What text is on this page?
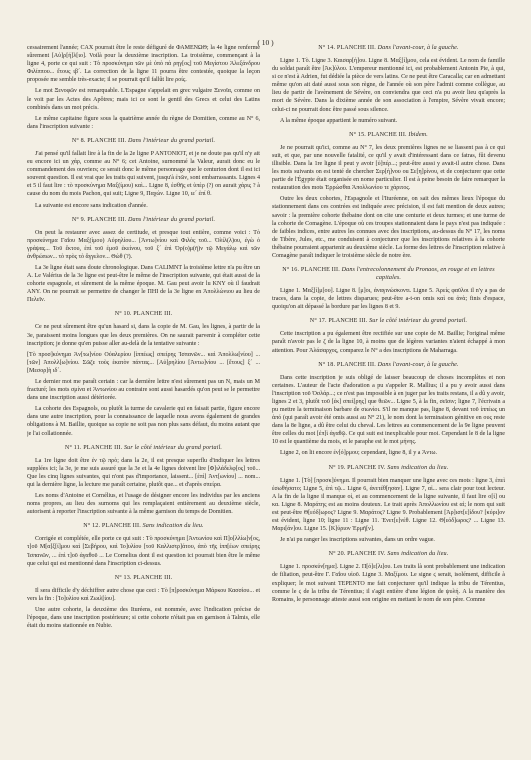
( 10 )

cessairement l'année; CAX pourrait être le reste défiguré de ΦΑΜΕΝΩΘ; la 4e ligne renferme sûrement [Αὐ]ρ[ή]λ[ιο]. Voilà pour la deuxième inscription. La troisième, commençant à la ligne 4, porte ce qui suit : Τὸ προσκύνημα τῶν μὲ ὑπὸ πά ρηγ[ος] τοῦ Μεγίστου Ἀλεξάνδρου Φιλίππου... ἔτους ιβ´. La correction de la ligne 11 pourra être contestée, quoique la leçon proposée me semble très-exacte; il se pourrait qu'il fallût lire ροίς.

Le mot Ξενοφῶν est remarquable. L'Espagne s'appelait en grec vulgaire Ξενοῖα, comme on le voit par les Actes des Apôtres; mais ici ce sont le gentil des Grecs et celui des Latins combinés dans un mot précis.

Le même capitaine figure sous la quatrième année du règne de Domitien, comme au N° 6, dans l'inscription suivante :

N° 8. PLANCHE III. Dans l'intérieur du grand portail.

J'ai pensé qu'il fallait lire à la fin de la 2e ligne P ANTONIOT, et je ne doute pas qu'il n'y ait eu encore ici un χάρ, comme au N° 6; cet Antoine, surnommé la Valeur, aurait donc eu le commandement des ouvriers; ce serait donc le même personnage que le centurion dont il est ici souvent question. Il est vrai que les traits qui suivent, jusqu'à ἐτῶν, sont embarrassants. Lignes 4 et 5 il faut lire : τὸ προσκύνημα Μαξ(ίμου) καὶ... Ligne 8, ἐσθῆς et ὑπὲρ (?) on aurait χάρις ? à cause du nom du mois Pachon, qui suit; Ligne 9, Παχών. Ligne 10, ιε´ ἐπί θ.

La suivante est encore sans indication d'année.

N° 9. PLANCHE III. Dans l'intérieur du grand portail.

On peut la restaurer avec assez de certitude, et presque tout entière, comme voici : Τὸ προσκύνημα Γαΐου Μαξ(ίμου) Αὐρηλίου... [Ἀντω]νίου καὶ Φιλὸς τοῦ... Ὀλίλ(λ)ου, ἐγὼ ὁ γράψας... Τοῦ ἔκτου, ἐπὶ τοῦ ἐμοῦ ἐκείνου, τοῦ ξ´ ἐπὶ Ὀρ(ο)μ(ῆ)ν τῷ Μεγάλῳ καὶ τῶν ἀνθρώπων... τὸ πρὸς τὸ ἄγγελον... Θώθ (?).

La 3e ligne était sans doute chronologique. Dans CALIMNT la troisième lettre n'a pu être un A. Le Valérius de la 3e ligne est peut-être le même de l'inscription suivante, qui était aussi de la cohorte espagnole, et sûrement de la même époque. M. Gau peut avoir lu KNY où il faudrait ANY. On ne pourrait se permettre de changer le ΠΗΙ de la 3e ligne en Ἀπολλώνιου au lieu de Πελεῖν.

N° 10. PLANCHE III.

Ce ne peut sûrement être qu'un hasard si, dans la copie de M. Gau, les lignes, à partir de la 3e, paraissent moins longues que les deux premières. On ne saurait parvenir à compléter cette inscription; je donne qu'en puisse aller au-delà de la tentative suivante :

[Τὸ προσ]κύνημα Ἀν[τω]νίου Οὐαλερίου [ἱππέως] σπείρης Ἱσπανῶν... καὶ Ἀπολλω[νίου] ... [τῶν] Ἀπολλ[ω]νίου. Σῶζε τοὺς ἑκατὸν πάντας... [Αὐ]ρηλίου [Ἀντω]νίου ... [ἔτους] ξ´ ... [Μεσορ]ὴ ιδ´.

Le dernier mot me paraît certain : car la dernière lettre n'est sûrement pas un N, mais un M fracturé; les mots σμίνα et Ἀντωνίου au contraire sont aussi hasardés qu'on peut se le permettre dans une inscription aussi détériorée.

La cohorte des Espagnols, ou plutôt la turme de cavalerie qui en faisait partie, figure encore dans une autre inscription, pour la connaissance de laquelle nous avons également de grandes obligations à M. Baillie, quoique sa copie ne soit pas non plus sans défaut, du moins autant que je l'ai collationnée.

N° 11. PLANCHE III. Sur le côté intérieur du grand portail.

La 1re ligne doit être ἐν τῷ πρὸ; dans la 2e, il est presque superflu d'indiquer les lettres supplées ici; la 3e, je me suis assuré que la 3e et la 4e lignes doivent lire [Φ]ιλάδελφ[ος] τοῦ... Que les cinq lignes suivantes, qui n'ont pas d'importance, laissent... [ἐπὶ] Ἀντ[ωνίου] ... nom... qui la dernière ligne, la lecture me paraît certaine, plutôt que... et d'après σπείρα.

Les noms d'Antoine et Cornélius, et l'usage de désigner encore les individus par les anciens noms propres, au lieu des surnoms qui les remplaçaient entièrement au deuxième siècle, autorisent à reporter l'inscription suivante à la même garnison du temps de Domitien.

N° 12. PLANCHE III. Sans indication du lieu.

Corrigée et complétée, elle porte ce qui suit : Τὸ προσκύνημα [Ἀντωνίου καὶ Π]ο[λλίω]ν[ος, τ]οῦ Μ[α]ξ[ί]μου καὶ [Σεβήρου, καὶ Ἰο]υλίου [τοῦ Καλλιστρ]άτου, ἀπὸ τῆς ἱππ[έων σπείρης Ἱσπανῶν, ... ἐπὶ τ]οῦ ἀγαθοῦ ... Le Cornelius dont il est question ici pourrait bien être le même que celui qui est mentionné dans l'inscription ci-dessus.

N° 13. PLANCHE III.

Il sera difficile d'y déchiffrer autre chose que ceci : Τὸ [π]ροσκύνημα Μάρκου Κασσίου... et vers la fin : [Ἰο]υλίου καὶ Ζωιλ[ίου].

Une autre cohorte, la deuxième des Ituréens, est nommée, avec l'indication précise de l'époque, dans une inscription postérieure; si cette cohorte n'était pas en garnison à Talmis, elle était du moins stationnée en Nubie.

N° 14. PLANCHE III. Dans l'avant-cour, à la gauche.

Ligne 1. Τὸ. Ligne 3. Καισαρ[ή]ου. Ligne 8. Μαξ[ί]μου, cela est évident. Le nom de famille du soldat paraît être [Ἀκ]ύλου. L'empereur mentionné ici, est probablement Antonin Pie, à qui, si ce n'est à Adrien, fut dédiée la pièce de vers latins. Ce ne peut être Caracalla; car en admettant même qu'on ait daté aussi sous son règne, de l'année où son père l'admit comme collègue, au lieu de partir de l'avènement de Sévère, on conviendra que ceci n'a pu avoir lieu qu'après la mort de Sévère. Dans la dixième année de son association à l'empire, Sévère vivait encore; celui-ci ne pourrait donc être passé sous silence.

A la même époque appartient le numéro suivant.

N° 15. PLANCHE III. Ibidem.

Je ne pourrait qu'ici, comme au N° 7, les deux premières lignes ne se liassent pas à ce qui suit, et que, par une nouvelle fatalité, ce qu'il y avait d'intéressant dans ce fatras, fût devenu illisible. Dans la 1re ligne il peut y avoir [ὑ]πέρ...; peut-être aussi y avait-il autre chose. Dans les mots suivants on est tenté de chercher Σερ[ή]νου ou Σε[η]ρίνου, et de conjecturer que cette partie de l'Égypte était organisée en nome particulier. Il est à peine besoin de faire remarquer la restauration des mots Ἐρρώσθαι Ἀπολλωνίου τε χάριτος.

Outre les deux cohortes, l'Espagnole et l'Ituréenne, on sait des mêmes lieux l'époque du stationnement dans ces contrées est indiquée avec précision, il est fait mention de deux autres; savoir : la première cohorte thébaine dont on cite une centurie et deux turmes; et une turme de la cohorte de Comagène. L'époque où ces troupes stationnaient dans le pays n'est pas indiquée : de faibles indices, entre autres les connues avec des inscriptions, au-dessus du N° 17, les noms de Tibère, Jules, etc., me conduisent à conjecturer que les inscriptions relatives à la cohorte thébaine pourraient appartenir au deuxième siècle. La forme des lettres de l'inscription relative à Comagène paraît indiquer le troisième siècle de notre ère.

N° 16. PLANCHE III. Dans l'entrecolonnement du Pronaos, en rouge et en lettres capitales.

Ligne 1. Μαξ[ί]μ[ου]. Ligne 8. [μ]οι, ἀναγινώσκοντι. Ligne 5. Ἀρείς φαῦλοι il n'y a pas de traces, dans la copie, de lettres disparues; peut-être a-t-on omis καὶ ou ἀνὰ; finis d'espace, quoiqu'on ait dépassé la bordure par les lignes 8 et 9.

N° 17. PLANCHE III. Sur le côté intérieur du grand portail.

Cette inscription a pu également être rectifiée sur une copie de M. Baillie; l'original même paraît n'avoir pas le ζ de la ligne 10, à moins que de légères variantes n'aient échappé à mon attention. Pour Ἀλάσαρχος, comparez le N° a des inscriptions de Maharraga.

N° 18. PLANCHE III. Dans l'avant-cour, à la gauche.

Dans cette inscription je suis obligé de laisser beaucoup de choses incomplètes et non certaines. L'auteur de l'acte d'adoration a pu s'appeler R. Mallius; il a pu y avoir aussi dans l'inscription τοῦ Ὀσλάρ...; ce n'est pas impossible à en juger par les traits restans, il a dû y avoir, lignes 2 et 3, plutôt τοῦ [ἐκ] σπεί[ρης] que θεῶν... Ligne 5, à la fin, σεῖσιν; ligne 7, l'écrivain a pu mettre la terminaison barbare de σιωνίοι. S'il ne manque pas, ligne 8, devant τοῦ ἱππέως un ἀπό (qui paraît avoir été omis aussi au N° 21), le nom dont la terminaison génitive en ους reste dans la 8e ligne, a dû être celui du cheval. Les lettres au commencement de la 9e ligne peuvent être celles du mot [ἐπ]ὶ ἀγαθῷ. Ce qui suit est inexplicable pour moi. Cependant le 8 de la ligne 10 est le quantième du mois, et le paraphe est le mot μήνης.

Ligne 2, on lit encore ἐν[ό]ρμου; cependant, ligne 8, il y a Ἀντω.

N° 19. PLANCHE IV. Sans indication du lieu.

Ligne 1. [Τὸ] [προσκ]ύνημα. Il pourrait bien manquer une ligne avec ces mots : ligne 3, ἐπεὶ ἐσωθήσατο; Ligne 5, ἐπὶ τῷ... Ligne 6, ἀνετέθ[ησαν]. Ligne 7, αἱ... sera clair pour tout lecteur. A la fin de la ligne il manque οἱ, et au commencement de la ligne suivante, il faut lire ο[ἱ] ou κα. Ligne 8. Μαράτης est au moins douteux. Le trait après Ἀπολλωνίου est αἰ; le nom qui suit est peut-être Θ[εόδ]ωρος? Ligne 9. Μαράτος? Ligne 9. Probablement [Ἀρ]ιστ[ε]ίδου? [κύρι]ον est évident, ligne 10; ligne 11 : Ligne 11. Ἐνετ[ε]νέθ. Ligne 12. Θ[εόδ]ωρος? ... Ligne 13. Μαρι[άν]ου. Ligne 15. [Κ]ύριον Ἑρμῆ[ν].

Je n'ai pu ranger les inscriptions suivantes, dans un ordre vague.

N° 20. PLANCHE IV. Sans indication du lieu.

Ligne 1. προσκύν[ημα]. Ligne 2. Π[ό]ε[λι]ου. Les traits là sont probablement une indication de filiation, peut-être Γ. Γαΐου υἱοῦ. Ligne 3. Μαξίμου. Le signe ϛ serait, isolément, difficile à expliquer; le mot suivant TEPENTO me fait conjecturer qu'il indique la tribu de Térentius, comme le ϛ de la tribu de Térentius; il s'agit entière d'une légion de ψυλή. A la manière des Romains, le personnage atteste aussi son origine en mettant le nom de son père. Comme
